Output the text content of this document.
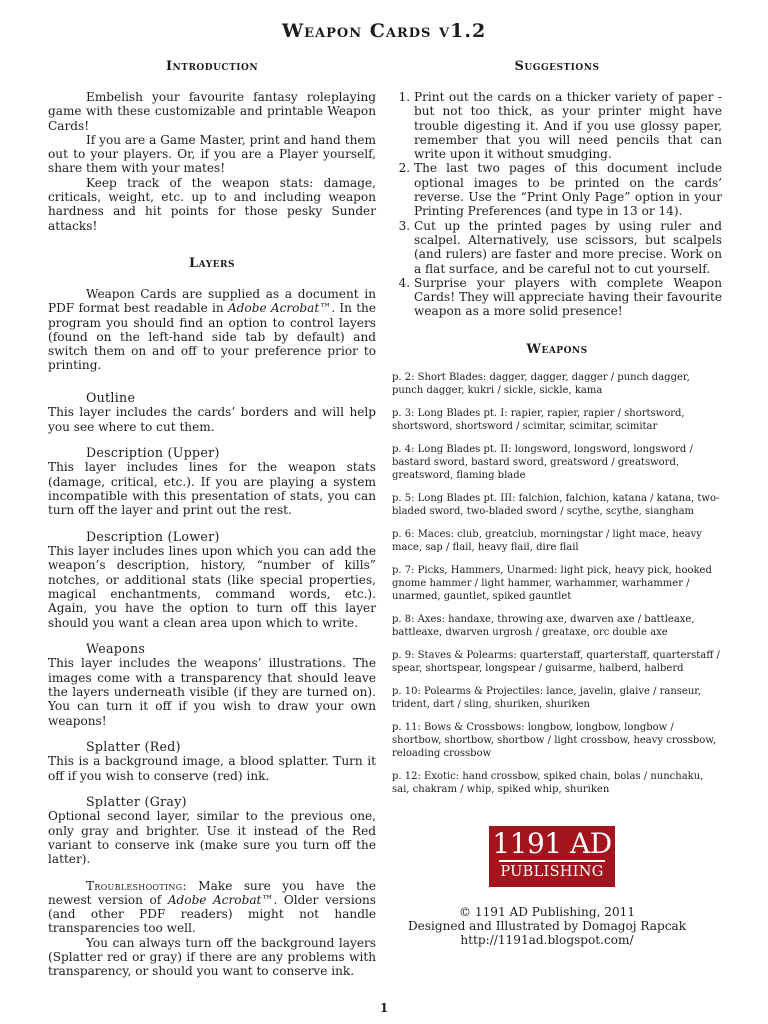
Weapon Cards v1.2
Introduction

Embelish your favourite fantasy roleplaying game with these customizable and printable Weapon Cards!

If you are a Game Master, print and hand them out to your players. Or, if you are a Player yourself, share them with your mates!

Keep track of the weapon stats: damage, criticals, weight, etc. up to and including weapon hardness and hit points for those pesky Sunder attacks!

Layers

Weapon Cards are supplied as a document in PDF format best readable in Adobe Acrobat™. In the program you should find an option to control layers (found on the left-hand side tab by default) and switch them on and off to your preference prior to printing.

Outline

This layer includes the cards’ borders and will help you see where to cut them.

Description (Upper)

This layer includes lines for the weapon stats (damage, critical, etc.). If you are playing a system incompatible with this presentation of stats, you can turn off the layer and print out the rest.

Description (Lower)

This layer includes lines upon which you can add the weapon’s description, history, “number of kills” notches, or additional stats (like special properties, magical enchantments, command words, etc.). Again, you have the option to turn off this layer should you want a clean area upon which to write.

Weapons

This layer includes the weapons’ illustrations. The images come with a transparency that should leave the layers underneath visible (if they are turned on). You can turn it off if you wish to draw your own weapons!

Splatter (Red)

This is a background image, a blood splatter. Turn it off if you wish to conserve (red) ink.

Splatter (Gray)

Optional second layer, similar to the previous one, only gray and brighter. Use it instead of the Red variant to conserve ink (make sure you turn off the latter).

Troubleshooting: Make sure you have the newest version of Adobe Acrobat™. Older versions (and other PDF readers) might not handle transparencies too well.

You can always turn off the background layers (Splatter red or gray) if there are any problems with transparency, or should you want to conserve ink.

Suggestions
1. Print out the cards on a thicker variety of paper - but not too thick, as your printer might have trouble digesting it. And if you use glossy paper, remember that you will need pencils that can write upon it without smudging.
2. The last two pages of this document include optional images to be printed on the cards’ reverse. Use the “Print Only Page” option in your Printing Preferences (and type in 13 or 14).
3. Cut up the printed pages by using ruler and scalpel. Alternatively, use scissors, but scalpels (and rulers) are faster and more precise. Work on a flat surface, and be careful not to cut yourself.
4. Surprise your players with complete Weapon Cards! They will appreciate having their favourite weapon as a more solid presence!
Weapons
p. 2: Short Blades: dagger, dagger, dagger / punch dagger, punch dagger, kukri / sickle, sickle, kama
p. 3: Long Blades pt. I: rapier, rapier, rapier / shortsword, shortsword, shortsword / scimitar, scimitar, scimitar
p. 4: Long Blades pt. II: longsword, longsword, longsword / bastard sword, bastard sword, greatsword / greatsword, greatsword, flaming blade
p. 5: Long Blades pt. III: falchion, falchion, katana / katana, two-bladed sword, two-bladed sword / scythe, scythe, siangham
p. 6: Maces: club, greatclub, morningstar / light mace, heavy mace, sap / flail, heavy flail, dire flail
p. 7: Picks, Hammers, Unarmed: light pick, heavy pick, hooked gnome hammer / light hammer, warhammer, warhammer / unarmed, gauntlet, spiked gauntlet
p. 8: Axes: handaxe, throwing axe, dwarven axe / battleaxe, battleaxe, dwarven urgrosh / greataxe, orc double axe
p. 9: Staves & Polearms: quarterstaff, quarterstaff, quarterstaff / spear, shortspear, longspear / guisarme, halberd, halberd
p. 10: Polearms & Projectiles: lance, javelin, glaive / ranseur, trident, dart / sling, shuriken, shuriken
p. 11: Bows & Crossbows: longbow, longbow, longbow / shortbow, shortbow, shortbow / light crossbow, heavy crossbow, reloading crossbow
p. 12: Exotic: hand crossbow, spiked chain, bolas / nunchaku, sai, chakram / whip, spiked whip, shuriken
1191 AD
PUBLISHING
© 1191 AD Publishing, 2011
Designed and Illustrated by Domagoj Rapcak
http://1191ad.blogspot.com/
1
